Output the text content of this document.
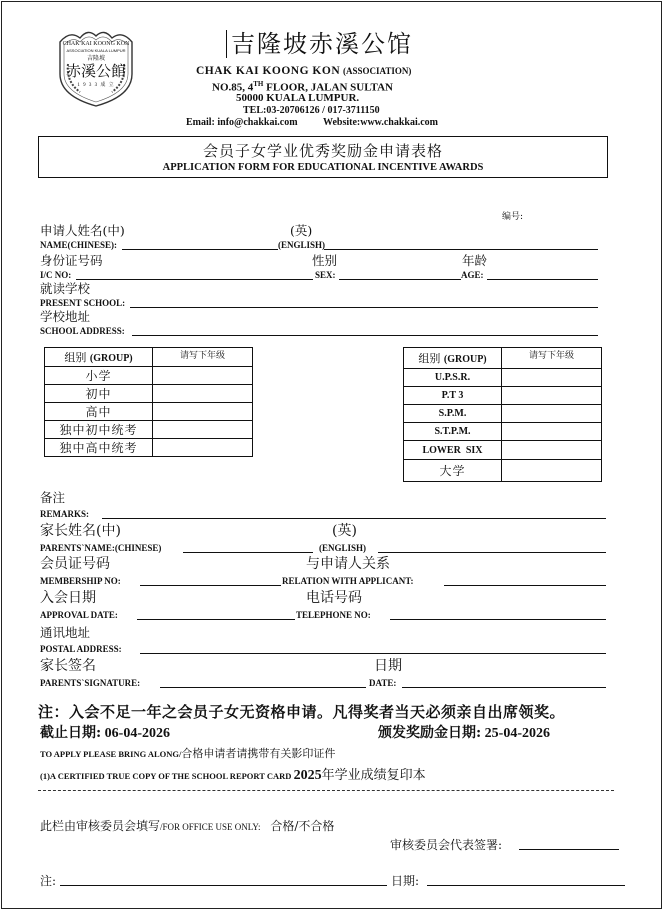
CHAK KAI KOONG KON
ASSOCIATION KUALA LUMPUR
吉隆坡
赤溪公館
1 9 3 3 成 立
吉隆坡赤溪公馆
CHAK KAI KOONG KON (ASSOCIATION)
NO.85, 4TH FLOOR, JALAN SULTAN
50000 KUALA LUMPUR.
TEL:03-20706126 / 017-3711150
Email: info@chakkai.com	Website:www.chakkai.com
会员子女学业优秀奖励金申请表格
APPLICATION FORM FOR EDUCATIONAL INCENTIVE AWARDS
编号:
申请人姓名(中)	(英)
NAME(CHINESE):	(ENGLISH)
身份证号码	性别	年龄
I/C NO:	SEX:	AGE:
就读学校
PRESENT SCHOOL:
学校地址
SCHOOL ADDRESS:
组别 (GROUP)	请写下年级
小学	
初中	
高中	
独中初中统考	
独中高中统考	
组别 (GROUP)	请写下年级
U.P.S.R.	
P.T 3	
S.P.M.	
S.T.P.M.	
LOWER  SIX	
大学	
备注
REMARKS:
家长姓名(中)	(英)
PARENTS`NAME:(CHINESE)	(ENGLISH)
会员证号码	与申请人关系
MEMBERSHIP NO:	RELATION WITH APPLICANT:
入会日期	电话号码
APPROVAL DATE:	TELEPHONE NO:
通讯地址
POSTAL ADDRESS:
家长签名	日期
PARENTS`SIGNATURE:	DATE:
注：入会不足一年之会员子女无资格申请。凡得奖者当天必须亲自出席领奖。
截止日期: 06-04-2026	颁发奖励金日期: 25-04-2026
TO APPLY PLEASE BRING ALONG/合格申请者请携带有关影印证件
(1)A CERTIFIED TRUE COPY OF THE SCHOOL REPORT CARD 2025年学业成绩复印本
此栏由审核委员会填写/FOR OFFICE USE ONLY: 合格/不合格
审核委员会代表签署:
注:	日期:
